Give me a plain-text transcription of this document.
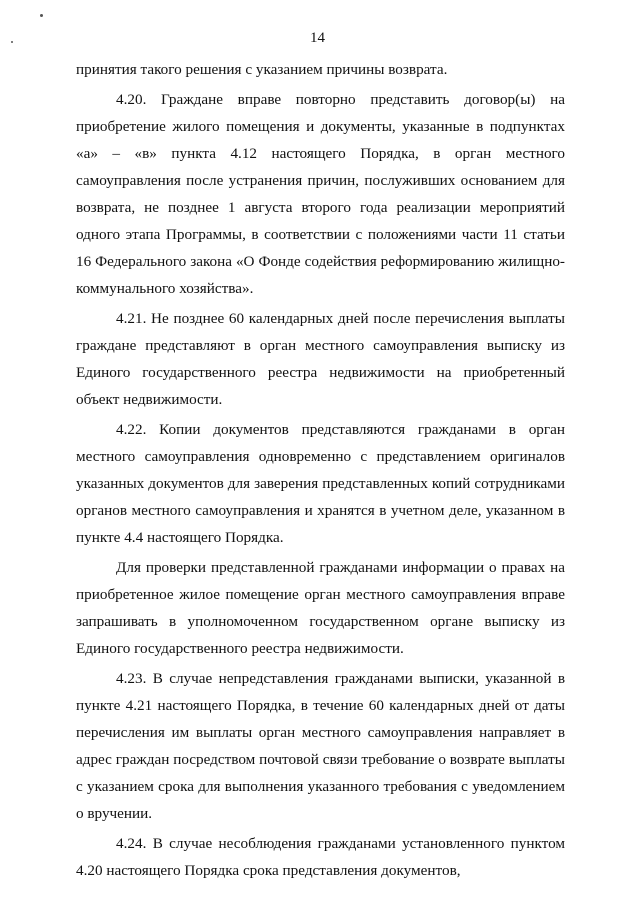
14

принятия такого решения с указанием причины возврата.

4.20. Граждане вправе повторно представить договор(ы) на приобретение жилого помещения и документы, указанные в подпунктах «а» – «в» пункта 4.12 настоящего Порядка, в орган местного самоуправления после устранения причин, послуживших основанием для возврата, не позднее 1 августа второго года реализации мероприятий одного этапа Программы, в соответствии с положениями части 11 статьи 16 Федерального закона «О Фонде содействия реформированию жилищно-коммунального хозяйства».

4.21. Не позднее 60 календарных дней после перечисления выплаты граждане представляют в орган местного самоуправления выписку из Единого государственного реестра недвижимости на приобретенный объект недвижимости.

4.22. Копии документов представляются гражданами в орган местного самоуправления одновременно с представлением оригиналов указанных документов для заверения представленных копий сотрудниками органов местного самоуправления и хранятся в учетном деле, указанном в пункте 4.4 настоящего Порядка.

Для проверки представленной гражданами информации о правах на приобретенное жилое помещение орган местного самоуправления вправе запрашивать в уполномоченном государственном органе выписку из Единого государственного реестра недвижимости.

4.23. В случае непредставления гражданами выписки, указанной в пункте 4.21 настоящего Порядка, в течение 60 календарных дней от даты перечисления им выплаты орган местного самоуправления направляет в адрес граждан посредством почтовой связи требование о возврате выплаты с указанием срока для выполнения указанного требования с уведомлением о вручении.

4.24. В случае несоблюдения гражданами установленного пунктом 4.20 настоящего Порядка срока представления документов,
